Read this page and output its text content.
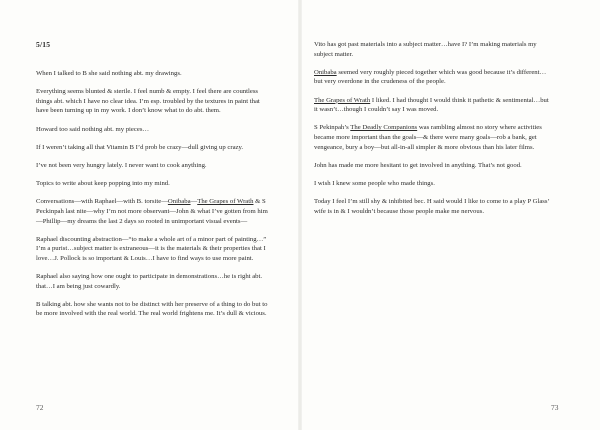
5/15

When I talked to B she said nothing abt. my drawings.

Everything seems blunted & sterile. I feel numb & empty. I feel there are countless things abt. which I have no clear idea. I’m esp. troubled by the textures in paint that have been turning up in my work. I don’t know what to do abt. them.

Howard too said nothing abt. my pieces…

If I weren’t taking all that Vitamin B I’d prob be crazy—dull giving up crazy.

I’ve not been very hungry lately. I never want to cook anything.

Topics to write about keep popping into my mind.

Conversations—with Raphael—with B. torsite—Onibaba—The Grapes of Wrath & S Peckinpah last nite—why I’m not more observant—John & what I’ve gotten from him—Phillip—my dreams the last 2 days so rooted in unimportant visual events—

Raphael discounting abstraction—“to make a whole art of a minor part of painting…” I’m a purist…subject matter is extraneous—it is the materials & their properties that I love…J. Pollock is so important & Louis…I have to find ways to use more paint.

Raphael also saying how one ought to participate in demonstrations…he is right abt. that…I am being just cowardly.

B talking abt. how she wants not to be distinct with her preserve of a thing to do but to be more involved with the real world. The real world frightens me. It’s dull & vicious.

72

Vito has got past materials into a subject matter…have I? I’m making materials my subject matter.

Onibaba seemed very roughly pieced together which was good because it’s different…but very overdone in the crudeness of the people.

The Grapes of Wrath I liked. I had thought I would think it pathetic & sentimental…but it wasn’t…though I couldn’t say I was moved.

S Pekinpah’s The Deadly Companions was rambling almost no story where activities became more important than the goals—& there were many goals—rob a bank, get vengeance, bury a boy—but all-in-all simpler & more obvious than his later films.

John has made me more hesitant to get involved in anything. That’s not good.

I wish I knew some people who made things.

Today I feel I’m still shy & inhibited bec. H said would I like to come to a play P Glass’ wife is in & I wouldn’t because those people make me nervous.

73
